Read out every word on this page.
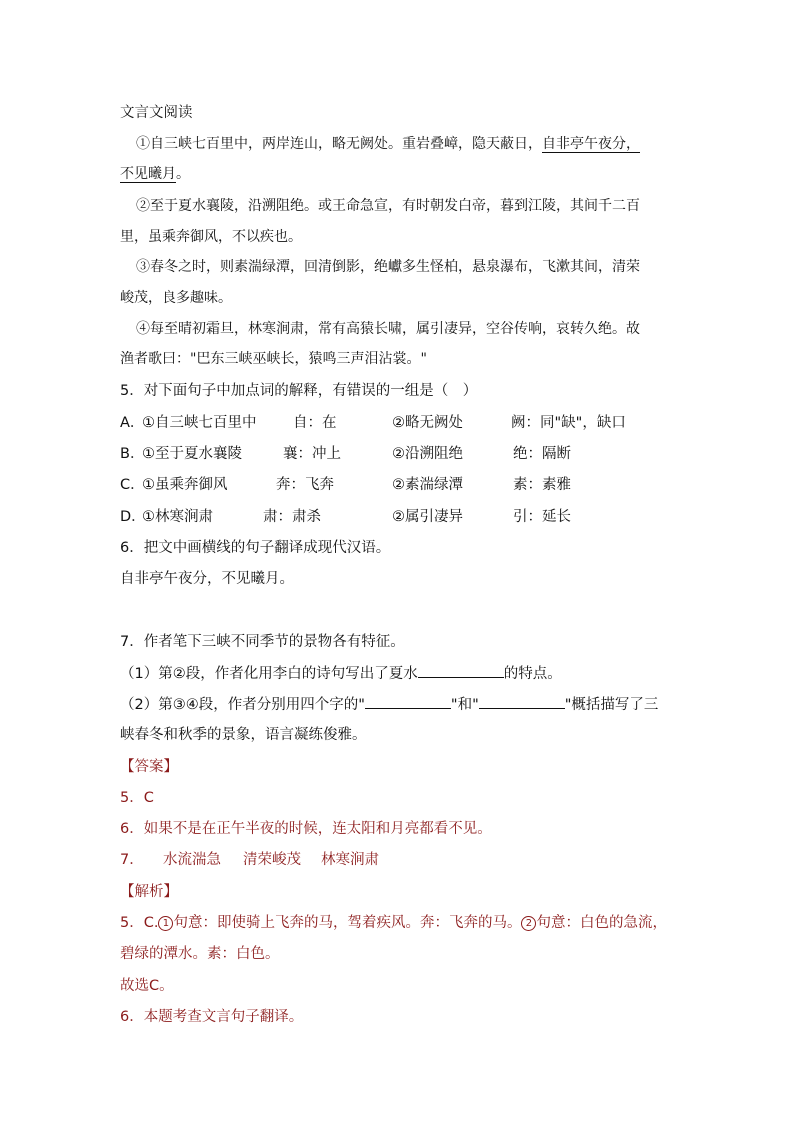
文言文阅读
①自三峡七百里中，两岸连山，略无阙处。重岩叠嶂，隐天蔽日，自非亭午夜分，
不见曦月。
②至于夏水襄陵，沿溯阻绝。或王命急宣，有时朝发白帝，暮到江陵，其间千二百
里，虽乘奔御风，不以疾也。
③春冬之时，则素湍绿潭，回清倒影，绝巘多生怪柏，悬泉瀑布，飞漱其间，清荣
峻茂，良多趣味。
④每至晴初霜旦，林寒涧肃，常有高猿长啸，属引凄异，空谷传响，哀转久绝。故
渔者歌曰："巴东三峡巫峡长，猿鸣三声泪沾裳。"
5．对下面句子中加点词的解释，有错误的一组是（　）
A．
①自三峡七百里中	自：在	②略无阙处	阙：同"缺"，缺口
B．
①至于夏水襄陵	襄：冲上	②沿溯阻绝	绝：隔断
C．
①虽乘奔御风	奔：飞奔	②素湍绿潭	素：素雅
D．
①林寒涧肃	肃：肃杀	②属引凄异	引：延长
6．把文中画横线的句子翻译成现代汉语。
自非亭午夜分，不见曦月。
7．作者笔下三峡不同季节的景物各有特征。
（1）第②段，作者化用李白的诗句写出了夏水	的特点。
（2）第③④段，作者分别用四个字的"	"和"	"概括描写了三
峡春冬和秋季的景象，语言凝练俊雅。
【答案】
5．C
6．如果不是在正午半夜的时候，连太阳和月亮都看不见。
7． 水流湍急 清荣峻茂 林寒涧肃
【解析】
5．C. 1 句意：即使骑上飞奔的马，驾着疾风。奔：飞奔的马。 2 句意：白色的急流，
碧绿的潭水。素：白色。
故选C。
6．本题考查文言句子翻译。
